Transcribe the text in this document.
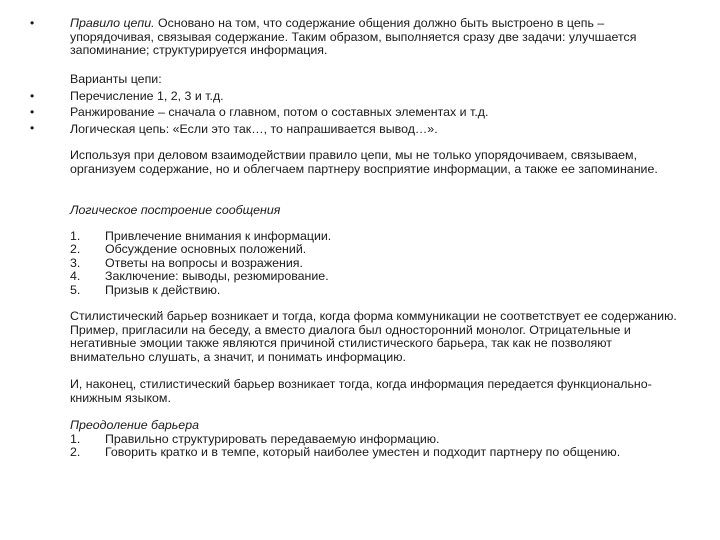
•
•
•
•

Правило цепи. Основано на том, что содержание общения должно быть выстроено в цепь – упорядочивая, связывая содержание. Таким образом, выполняется сразу две задачи: улучшается запоминание; структурируется информация.

Варианты цепи:

Перечисление 1, 2, 3 и т.д.

Ранжирование – сначала о главном, потом о составных элементах и т.д.

Логическая цепь: «Если это так…, то напрашивается вывод…».

Используя при деловом взаимодействии правило цепи, мы не только упорядочиваем, связываем, организуем содержание, но и облегчаем партнеру восприятие информации, а также ее запоминание.

Логическое построение сообщения

1.	Привлечение внимания к информации.
2.	Обсуждение основных положений.
3.	Ответы на вопросы и возражения.
4.	Заключение: выводы, резюмирование.
5.	Призыв к действию.

Стилистический барьер возникает и тогда, когда форма коммуникации не соответствует ее содержанию. Пример, пригласили на беседу, а вместо диалога был односторонний монолог. Отрицательные и негативные эмоции также являются причиной стилистического барьера, так как не позволяют внимательно слушать, а значит, и понимать информацию.

И, наконец, стилистический барьер возникает тогда, когда информация передается функционально-книжным языком.

Преодоление барьера

1.	Правильно структурировать передаваемую информацию.

2. Говорить кратко и в темпе, который наиболее уместен и подходит партнеру по общению.
